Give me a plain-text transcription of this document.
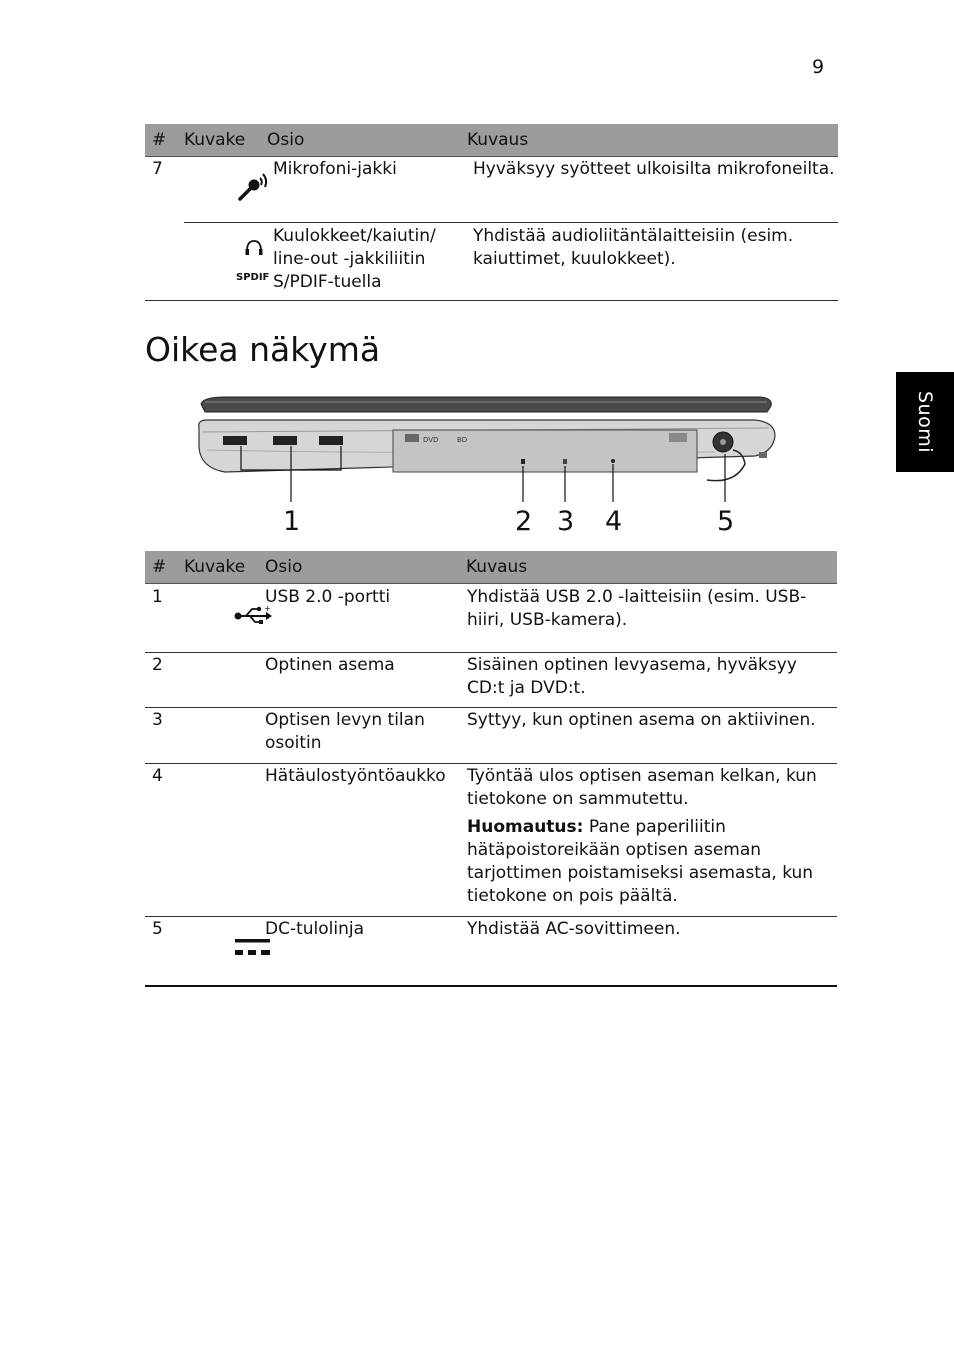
9
Suomi
#	Kuvake	Osio	Kuvaus
7		Mikrofoni-jakki	Hyväksyy syötteet ulkoisilta mikrofoneilta.

	SPDIF	Kuulokkeet/kaiutin/ line-out -jakkiliitin S/PDIF-tuella	Yhdistää audioliitäntälaitteisiin (esim. kaiuttimet, kuulokkeet).
Oikea näkymä
DVD	BD
1	2 3 4	5
#	Kuvake	Osio	Kuvaus
1	+	USB 2.0 -portti	Yhdistää USB 2.0 -laitteisiin (esim. USB-hiiri, USB-kamera).
2		Optinen asema	Sisäinen optinen levyasema, hyväksyy CD:t ja DVD:t.
3		Optisen levyn tilan osoitin	Syttyy, kun optinen asema on aktiivinen.
4		Hätäulostyöntöaukko	Työntää ulos optisen aseman kelkan, kun tietokone on sammutettu.
Huomautus: Pane paperiliitin hätäpoistoreikään optisen aseman tarjottimen poistamiseksi asemasta, kun tietokone on pois päältä.

5		DC-tulolinja	Yhdistää AC-sovittimeen.
